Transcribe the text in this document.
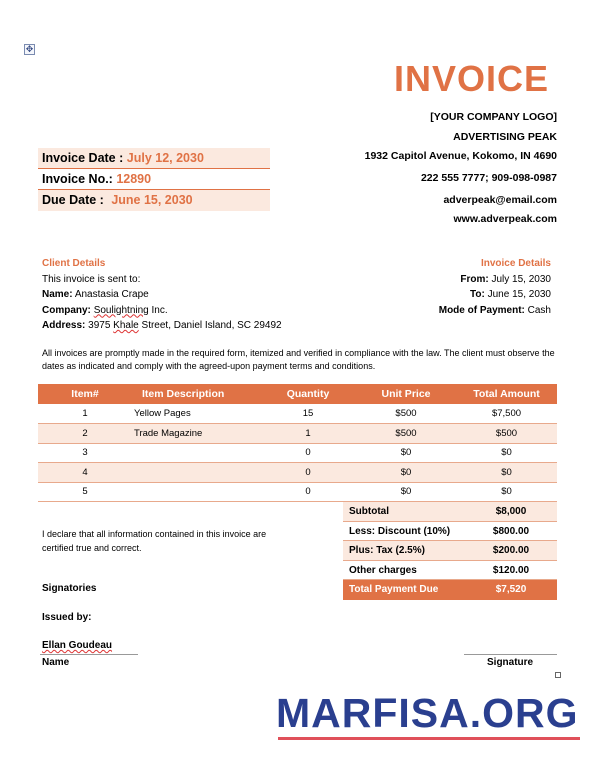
✥
INVOICE
[YOUR COMPANY LOGO]
ADVERTISING PEAK
1932 Capitol Avenue, Kokomo, IN 4690
222 555 7777; 909-098-0987
adverpeak@email.com
www.adverpeak.com
Invoice Date : July 12, 2030
Invoice No.: 12890
Due Date : June 15, 2030
Client Details
This invoice is sent to:
Name: Anastasia Crape
Company: Soulightning Inc.
Address: 3975 Khale Street, Daniel Island, SC 29492
Invoice Details
From: July 15, 2030
To: June 15, 2030
Mode of Payment: Cash
All invoices are promptly made in the required form, itemized and verified in compliance with the law. The client must observe the dates as indicated and comply with the agreed-upon payment terms and conditions.
Item#	Item Description	Quantity	Unit Price	Total Amount
1	Yellow Pages	15	$500	$7,500
2	Trade Magazine	1	$500	$500
3		0	$0	$0
4		0	$0	$0
5		0	$0	$0
I declare that all information contained in this invoice are certified true and correct.
Subtotal	$8,000
Less: Discount (10%)	$800.00
Plus: Tax (2.5%)	$200.00
Other charges	$120.00
Total Payment Due	$7,520
Signatories
Issued by:
Ellan Goudeau
Name	Signature
MARFISA.ORG
